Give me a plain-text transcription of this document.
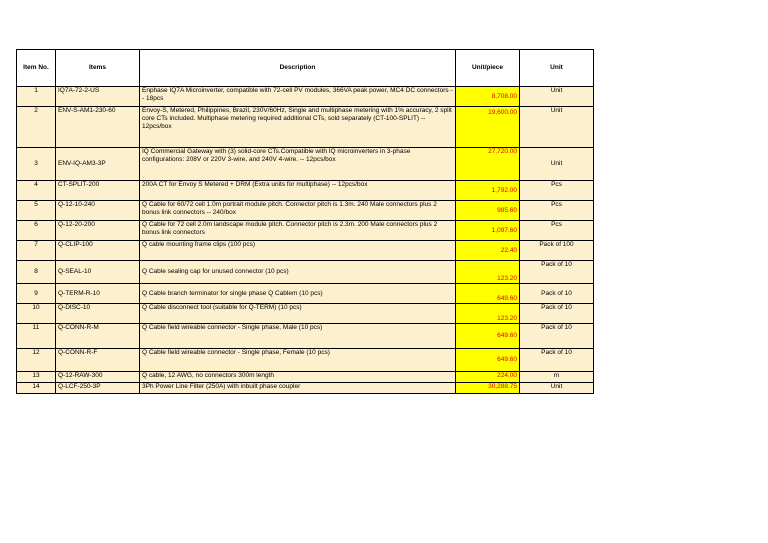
Item No.	Items	Description	Unit/piece	Unit
1	IQ7A-72-2-US	Enphase IQ7A Microinverter, compatible with 72-cell PV modules, 366VA peak power, MC4 DC connectors -- 18pcs	8,708.00	Unit
2	ENV-S-AM1-230-60	Envoy-S, Metered, Philippines, Brazil, 230V/60Hz, Single and multiphase metering with 1% accuracy, 2 split core CTs included. Multiphase metering required additional CTs, sold separately (CT-100-SPLIT) -- 12pcs/box	19,600.00	Unit
3	ENV-IQ-AM3-3P	IQ Commercial Gateway with (3) solid-core CTs.Compatible with IQ microinverters in 3-phase configurations: 208V or 220V 3-wire, and 240V 4-wire. -- 12pcs/box	27,720.00	Unit
4	CT-SPLIT-200	200A CT for Envoy S Metered + DRM (Extra units for multiphase) -- 12pcs/box	1,792.00	Pcs
5	Q-12-10-240	Q Cable for 60/72 cell 1.0m portrait module pitch. Connector pitch is 1.3m. 240 Male connectors plus 2 bonus link connectors -- 240/box	985.60	Pcs
6	Q-12-20-200	Q Cable for 72 cell 2.0m landscape module pitch. Connector pitch is 2.3m. 200 Male connectors plus 2 bonus link connectors	1,097.60	Pcs
7	Q-CLIP-100	Q cable mounting frame clips (100 pcs)	22.40	Pack of 100
8	Q-SEAL-10	Q Cable sealing cap for unused connector (10 pcs)	123.20	Pack of 10
9	Q-TERM-R-10	Q Cable branch terminator for single phase Q Cablem (10 pcs)	649.60	Pack of 10
10	Q-DISC-10	Q Cable disconnect tool (suitable for Q-TERM) (10 pcs)	123.20	Pack of 10
11	Q-CONN-R-M	Q Cable field wireable connector - Single phase, Male (10 pcs)	649.60	Pack of 10
12	Q-CONN-R-F	Q Cable field wireable connector - Single phase, Female (10 pcs)	649.60	Pack of 10
13	Q-12-RAW-300	Q cable, 12 AWG, no connectors 300m length	224.00	m
14	Q-LCF-250-3P	3Ph Power Line Filter (250A) with inbuilt phase coupler	30,288.75	Unit
